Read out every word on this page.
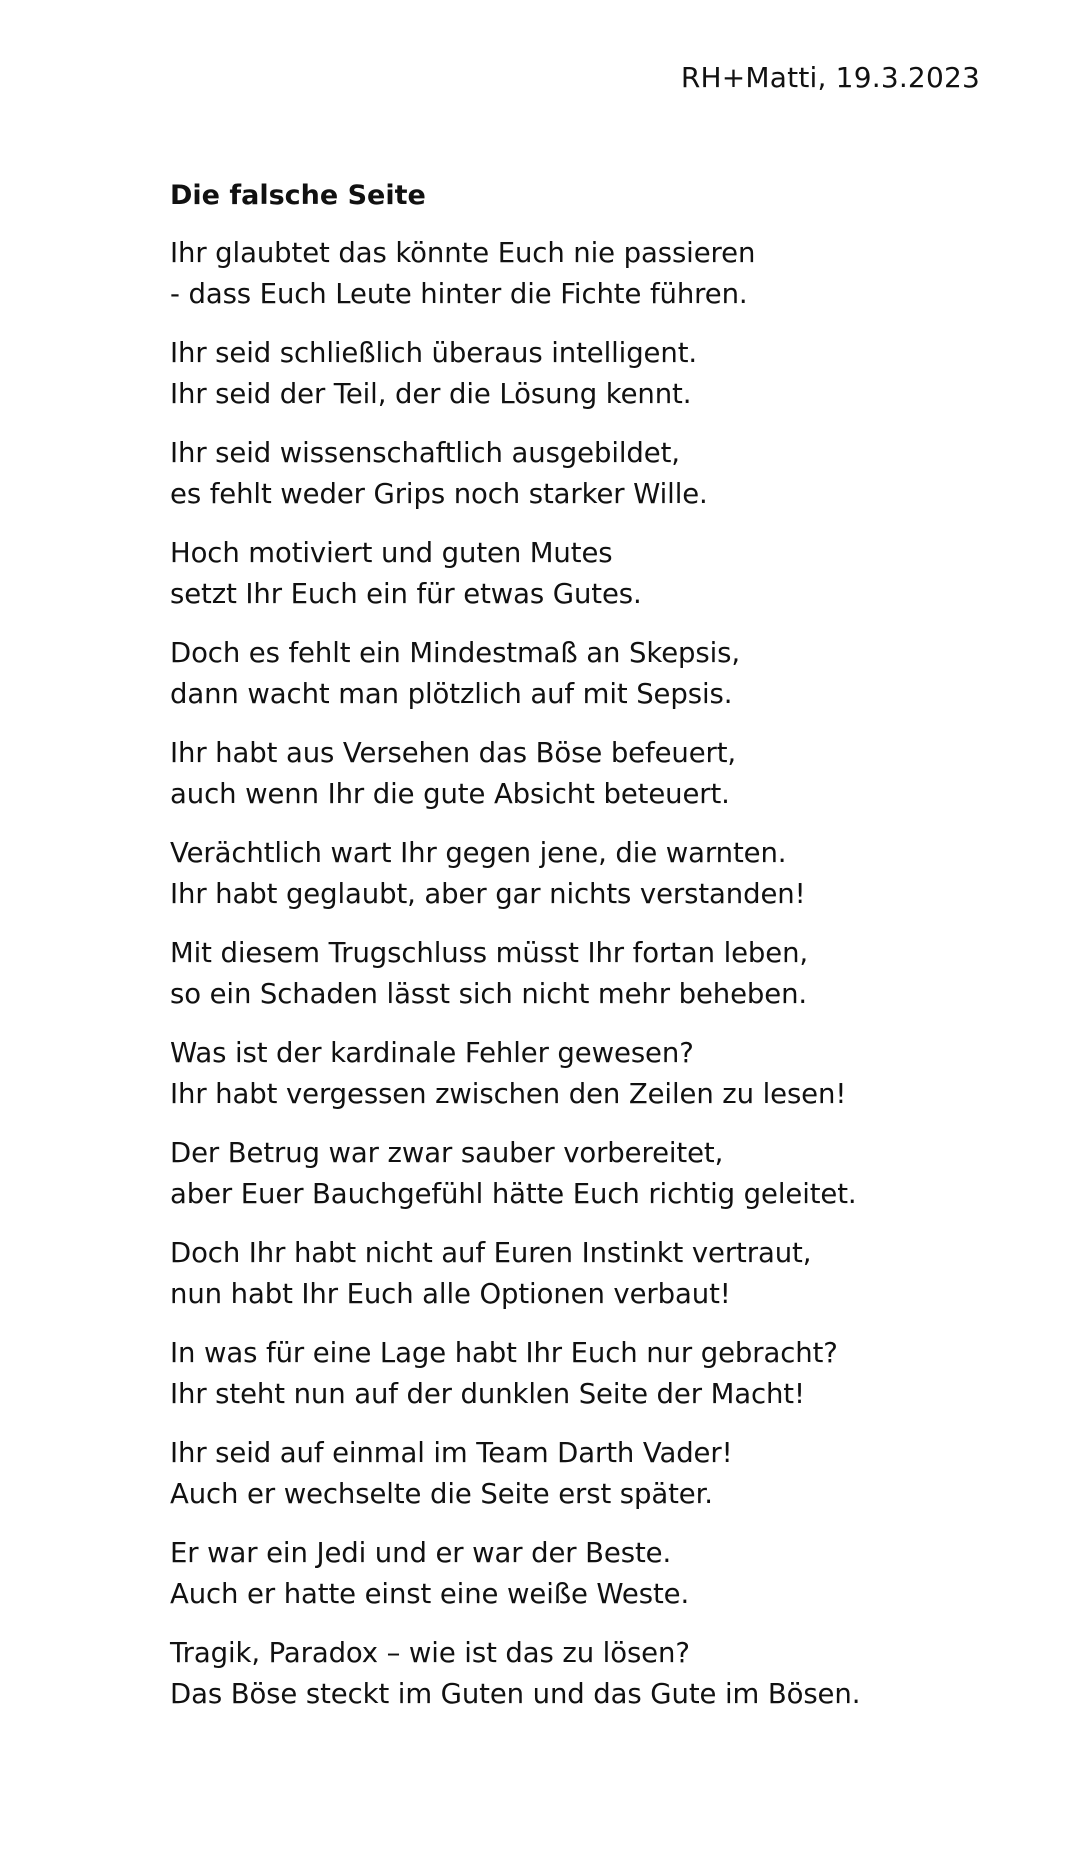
RH+Matti, 19.3.2023
Die falsche Seite
Ihr glaubtet das könnte Euch nie passieren
- dass Euch Leute hinter die Fichte führen.
Ihr seid schließlich überaus intelligent.
Ihr seid der Teil, der die Lösung kennt.
Ihr seid wissenschaftlich ausgebildet,
es fehlt weder Grips noch starker Wille.
Hoch motiviert und guten Mutes
setzt Ihr Euch ein für etwas Gutes.
Doch es fehlt ein Mindestmaß an Skepsis,
dann wacht man plötzlich auf mit Sepsis.
Ihr habt aus Versehen das Böse befeuert,
auch wenn Ihr die gute Absicht beteuert.
Verächtlich wart Ihr gegen jene, die warnten.
Ihr habt geglaubt, aber gar nichts verstanden!
Mit diesem Trugschluss müsst Ihr fortan leben,
so ein Schaden lässt sich nicht mehr beheben.
Was ist der kardinale Fehler gewesen?
Ihr habt vergessen zwischen den Zeilen zu lesen!
Der Betrug war zwar sauber vorbereitet,
aber Euer Bauchgefühl hätte Euch richtig geleitet.
Doch Ihr habt nicht auf Euren Instinkt vertraut,
nun habt Ihr Euch alle Optionen verbaut!
In was für eine Lage habt Ihr Euch nur gebracht?
Ihr steht nun auf der dunklen Seite der Macht!
Ihr seid auf einmal im Team Darth Vader!
Auch er wechselte die Seite erst später.
Er war ein Jedi und er war der Beste.
Auch er hatte einst eine weiße Weste.
Tragik, Paradox – wie ist das zu lösen?
Das Böse steckt im Guten und das Gute im Bösen.
